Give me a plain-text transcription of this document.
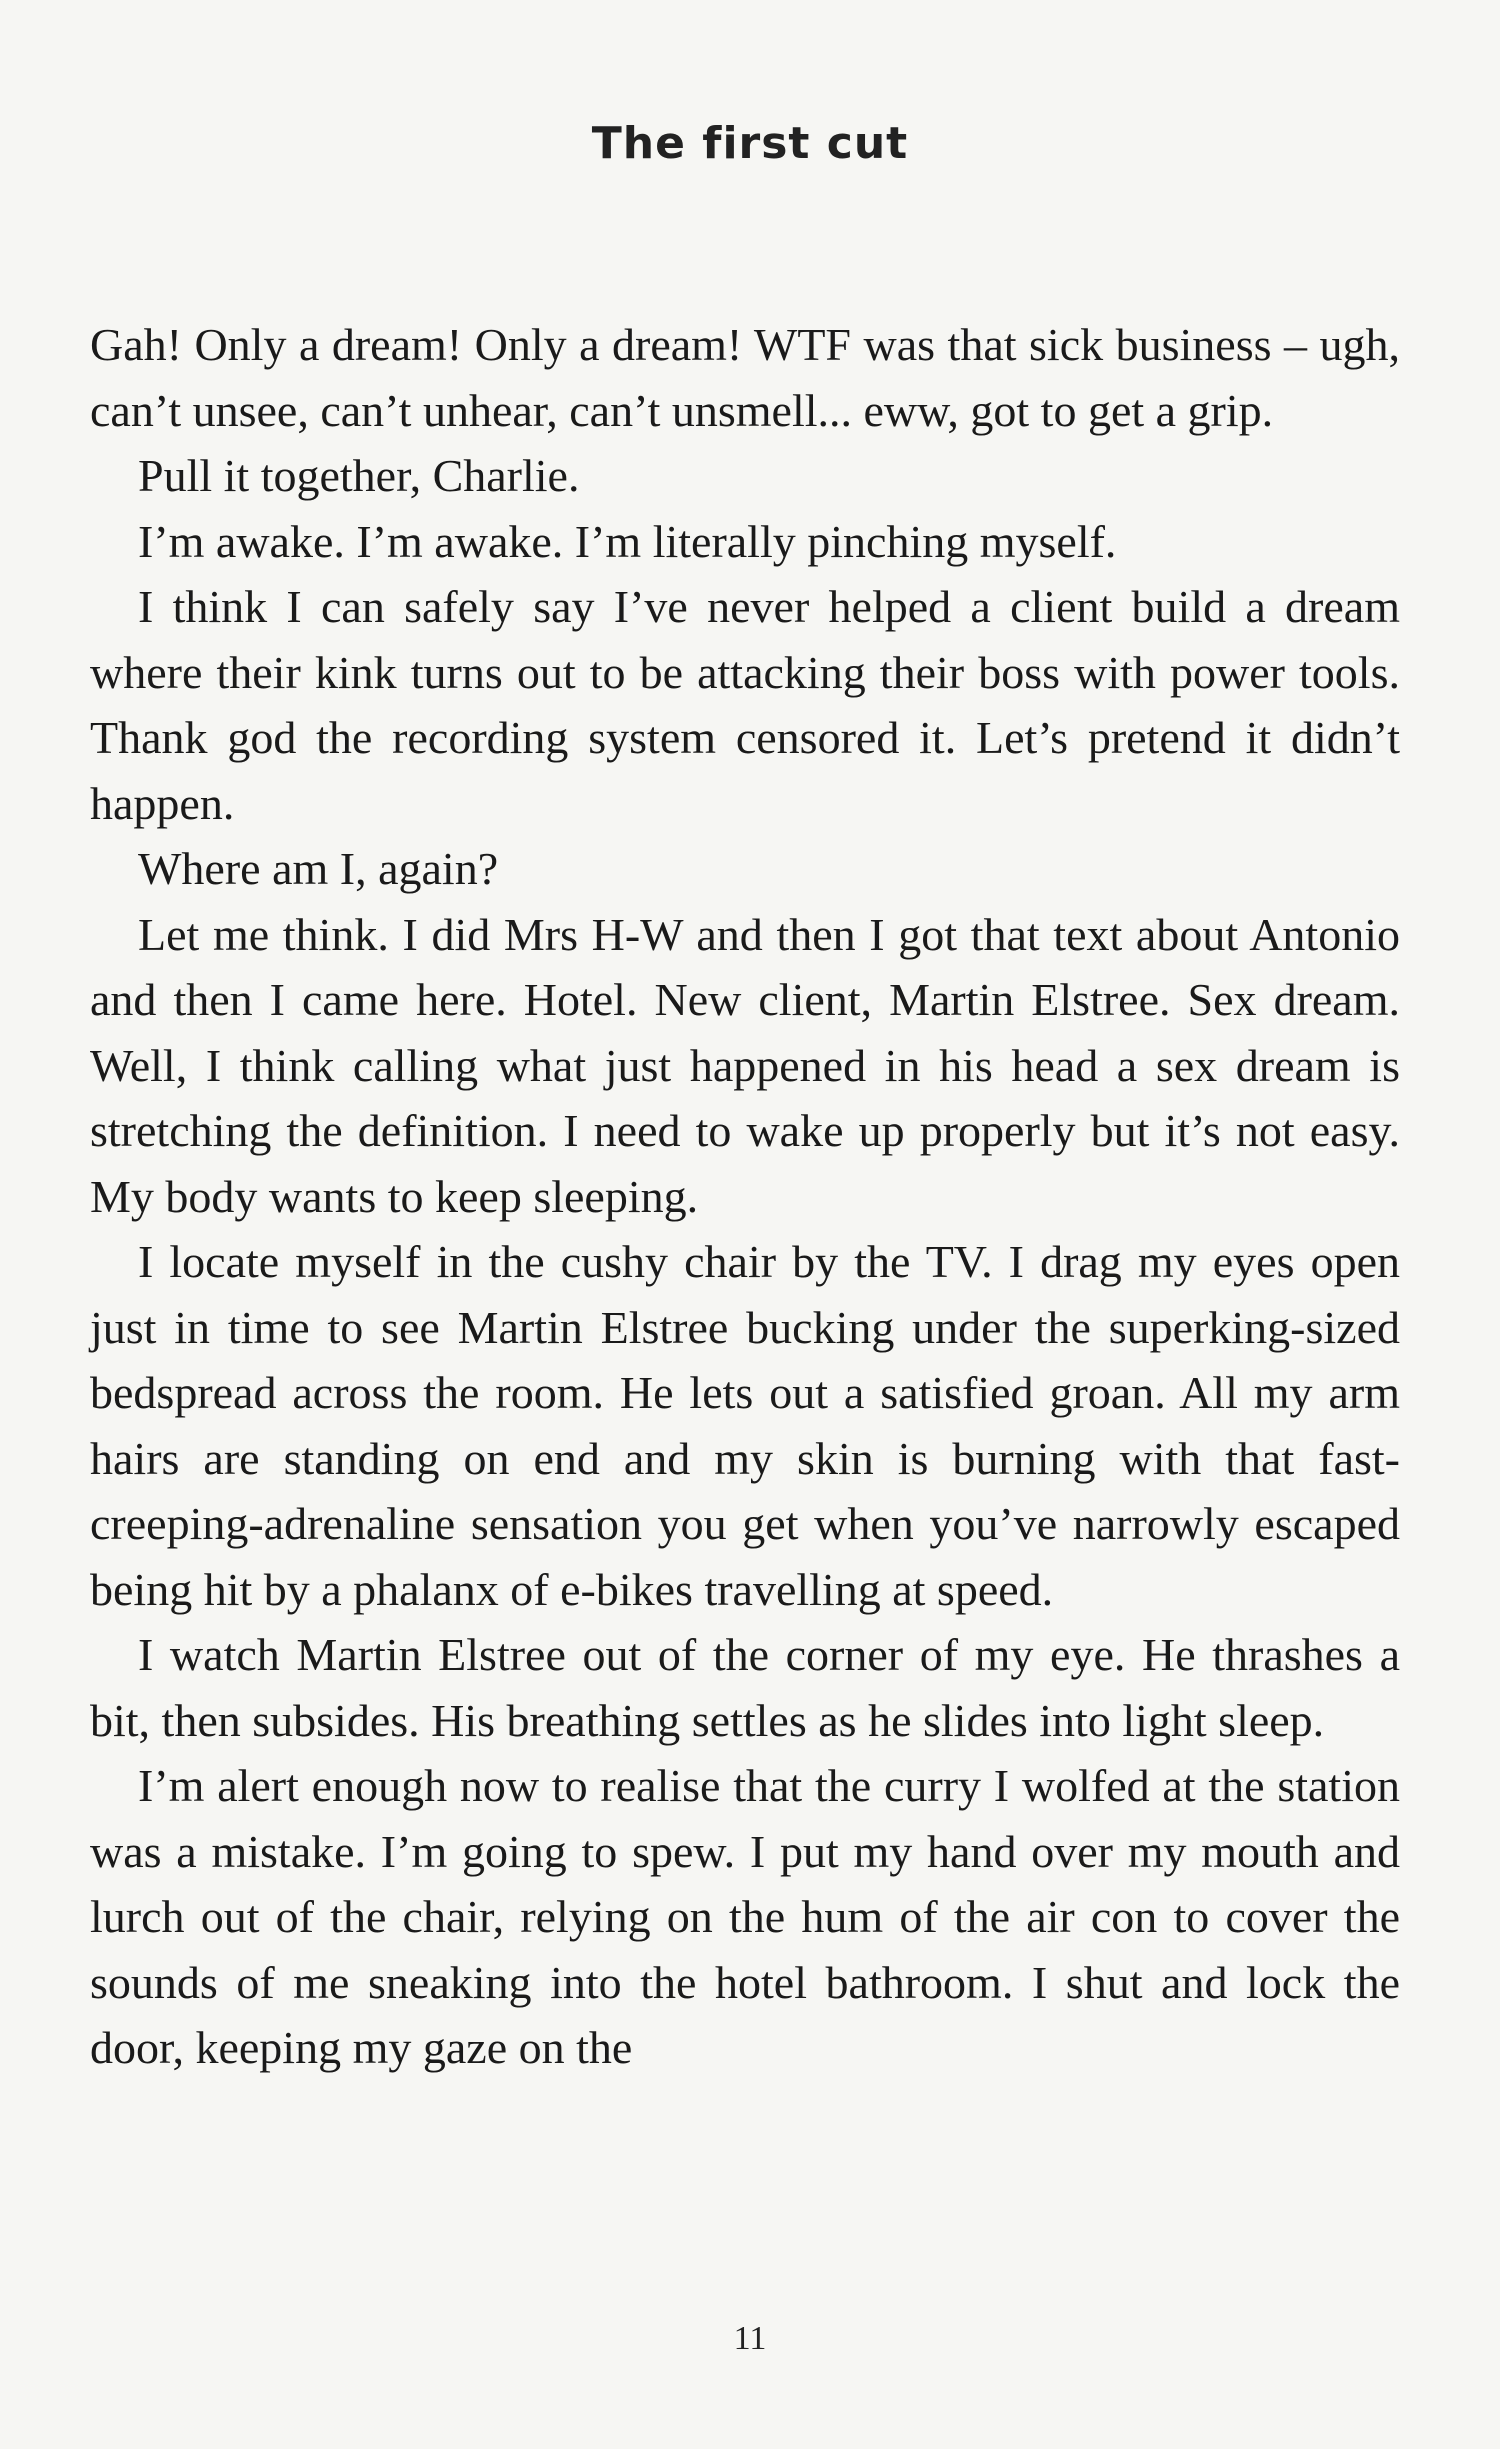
The first cut

Gah! Only a dream! Only a dream! WTF was that sick business – ugh, can’t unsee, can’t unhear, can’t unsmell... eww, got to get a grip.

Pull it together, Charlie.

I’m awake. I’m awake. I’m literally pinching myself.

I think I can safely say I’ve never helped a client build a dream where their kink turns out to be attacking their boss with power tools. Thank god the recording system censored it. Let’s pretend it didn’t happen.

Where am I, again?

Let me think. I did Mrs H-W and then I got that text about Antonio and then I came here. Hotel. New client, Martin Elstree. Sex dream. Well, I think calling what just happened in his head a sex dream is stretching the definition. I need to wake up properly but it’s not easy. My body wants to keep sleeping.

I locate myself in the cushy chair by the TV. I drag my eyes open just in time to see Martin Elstree bucking under the superking-sized bedspread across the room. He lets out a satisfied groan. All my arm hairs are standing on end and my skin is burning with that fast-creeping-adrenaline sensation you get when you’ve narrowly escaped being hit by a phalanx of e-bikes travelling at speed.

I watch Martin Elstree out of the corner of my eye. He thrashes a bit, then subsides. His breathing settles as he slides into light sleep.

I’m alert enough now to realise that the curry I wolfed at the station was a mistake. I’m going to spew. I put my hand over my mouth and lurch out of the chair, relying on the hum of the air con to cover the sounds of me sneaking into the hotel bathroom. I shut and lock the door, keeping my gaze on the

11
